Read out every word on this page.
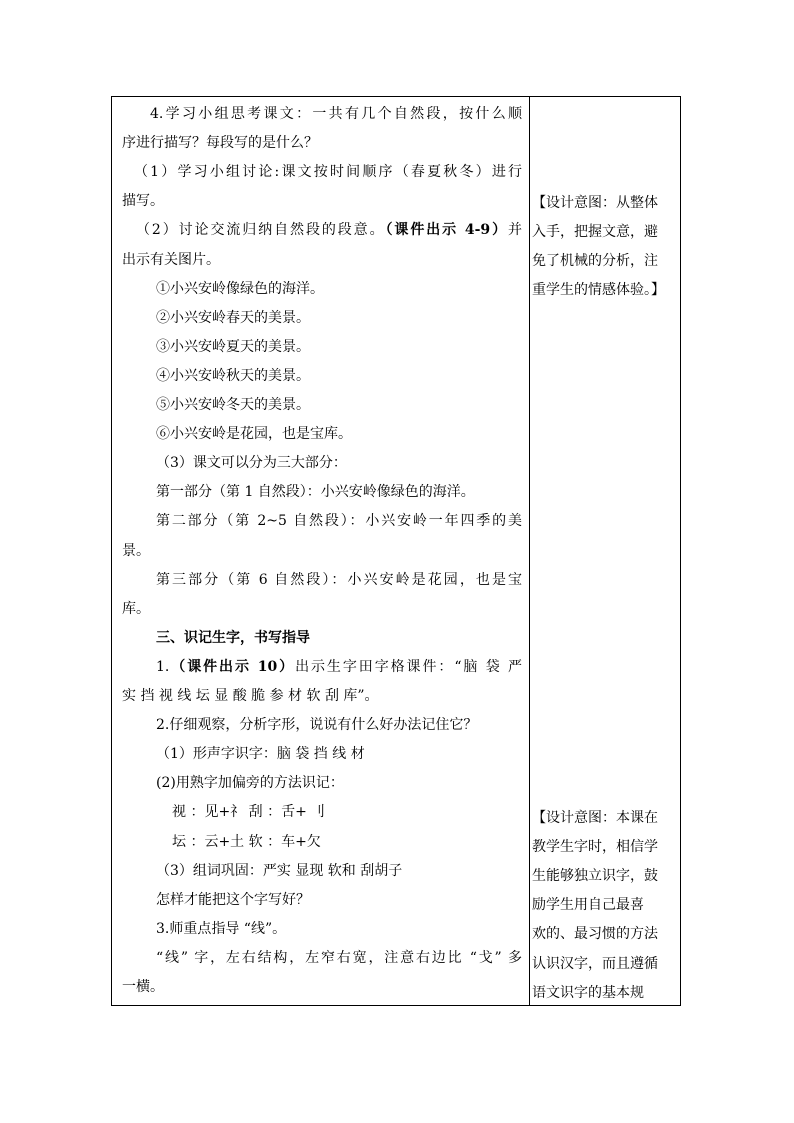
4.学习小组思考课文：一共有几个自然段，按什么顺
序进行描写？每段写的是什么？
（1）学习小组讨论:课文按时间顺序（春夏秋冬）进行
描写。
（2）讨论交流归纳自然段的段意。（课件出示 4-9）并
出示有关图片。
①小兴安岭像绿色的海洋。
②小兴安岭春天的美景。
③小兴安岭夏天的美景。
④小兴安岭秋天的美景。
⑤小兴安岭冬天的美景。
⑥小兴安岭是花园，也是宝库。
（3）课文可以分为三大部分：
第一部分（第 1 自然段）：小兴安岭像绿色的海洋。
第二部分（第 2~5 自然段）：小兴安岭一年四季的美
景。
第三部分（第 6 自然段）：小兴安岭是花园，也是宝
库。
三、识记生字，书写指导
1.（课件出示 10）出示生字田字格课件：“脑 袋 严
实 挡 视 线 坛 显 酸 脆 参 材 软 刮 库”。
2.仔细观察，分析字形，说说有什么好办法记住它？
（1）形声字识字：脑 袋 挡 线 材
(2)用熟字加偏旁的方法识记：
视 ：见+礻 刮 ：舌+ 刂
坛 ：云+土 软 ：车+欠
（3）组词巩固：严实 显现 软和 刮胡子
怎样才能把这个字写好？
3.师重点指导 “线”。
“线” 字，左右结构，左窄右宽，注意右边比 “戈” 多
一横。
【设计意图：从整体
入手，把握文意，避
免了机械的分析，注
重学生的情感体验。】
【设计意图：本课在
教学生字时，相信学
生能够独立识字，鼓
励学生用自己最喜
欢的、最习惯的方法
认识汉字，而且遵循
语文识字的基本规
